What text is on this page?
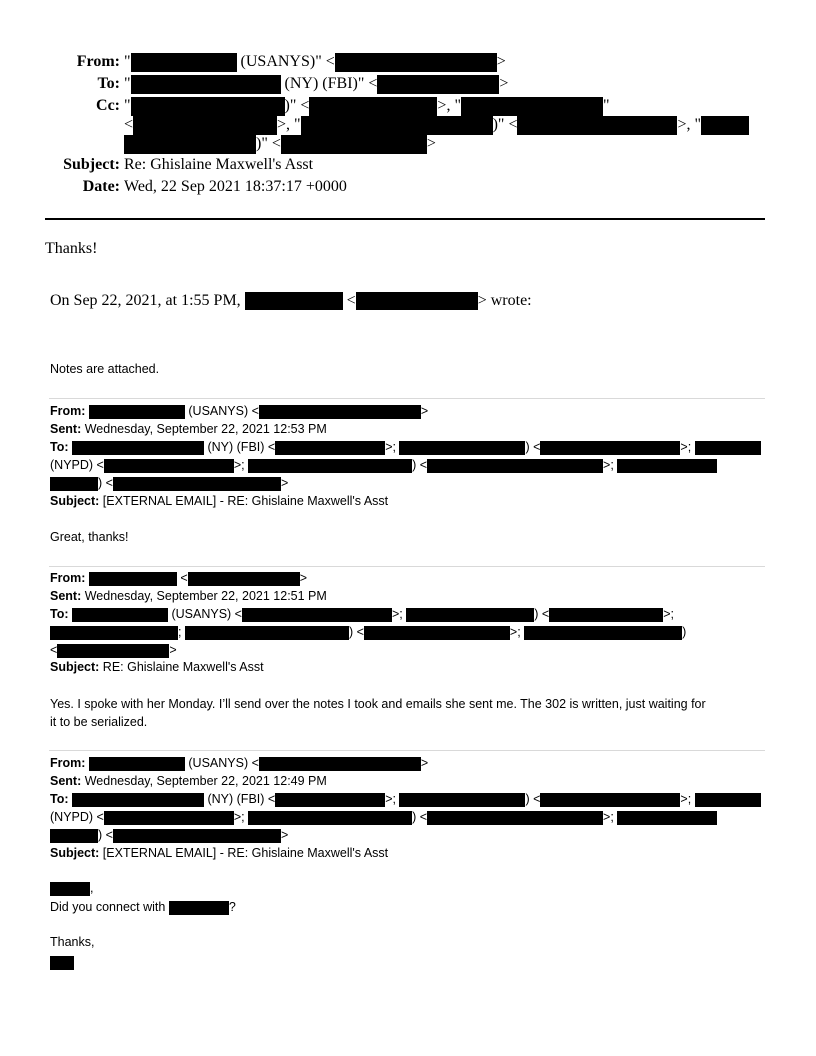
From: "	(USANYS)" <	>
To: "	(NY) (FBI)" <	>
Cc: "	)" <	>, "	"
<	>, "	)" <	>, "
)" <	>
Subject: Re: Ghislaine Maxwell's Asst
Date: Wed, 22 Sep 2021 18:37:17 +0000
Thanks!
On Sep 22, 2021, at 1:55 PM,	<	> wrote:
Notes are attached.
From:	(USANYS) <	>
Sent: Wednesday, September 22, 2021 12:53 PM
To:	(NY) (FBI) <	>;	) <	>;
(NYPD) <	>;	) <	>;
) <	>
Subject: [EXTERNAL EMAIL] - RE: Ghislaine Maxwell's Asst
Great, thanks!
From:	<	>
Sent: Wednesday, September 22, 2021 12:51 PM
To:	(USANYS) <	>;	) <	>;
;	) <	>;	)
<	>
Subject: RE: Ghislaine Maxwell's Asst
Yes. I spoke with her Monday. I’ll send over the notes I took and emails she sent me. The 302 is written, just waiting for
it to be serialized.
From:	(USANYS) <	>
Sent: Wednesday, September 22, 2021 12:49 PM
To:	(NY) (FBI) <	>;	) <	>;
(NYPD) <	>;	) <	>;
) <	>
Subject: [EXTERNAL EMAIL] - RE: Ghislaine Maxwell's Asst
,
Did you connect with	?
Thanks,
